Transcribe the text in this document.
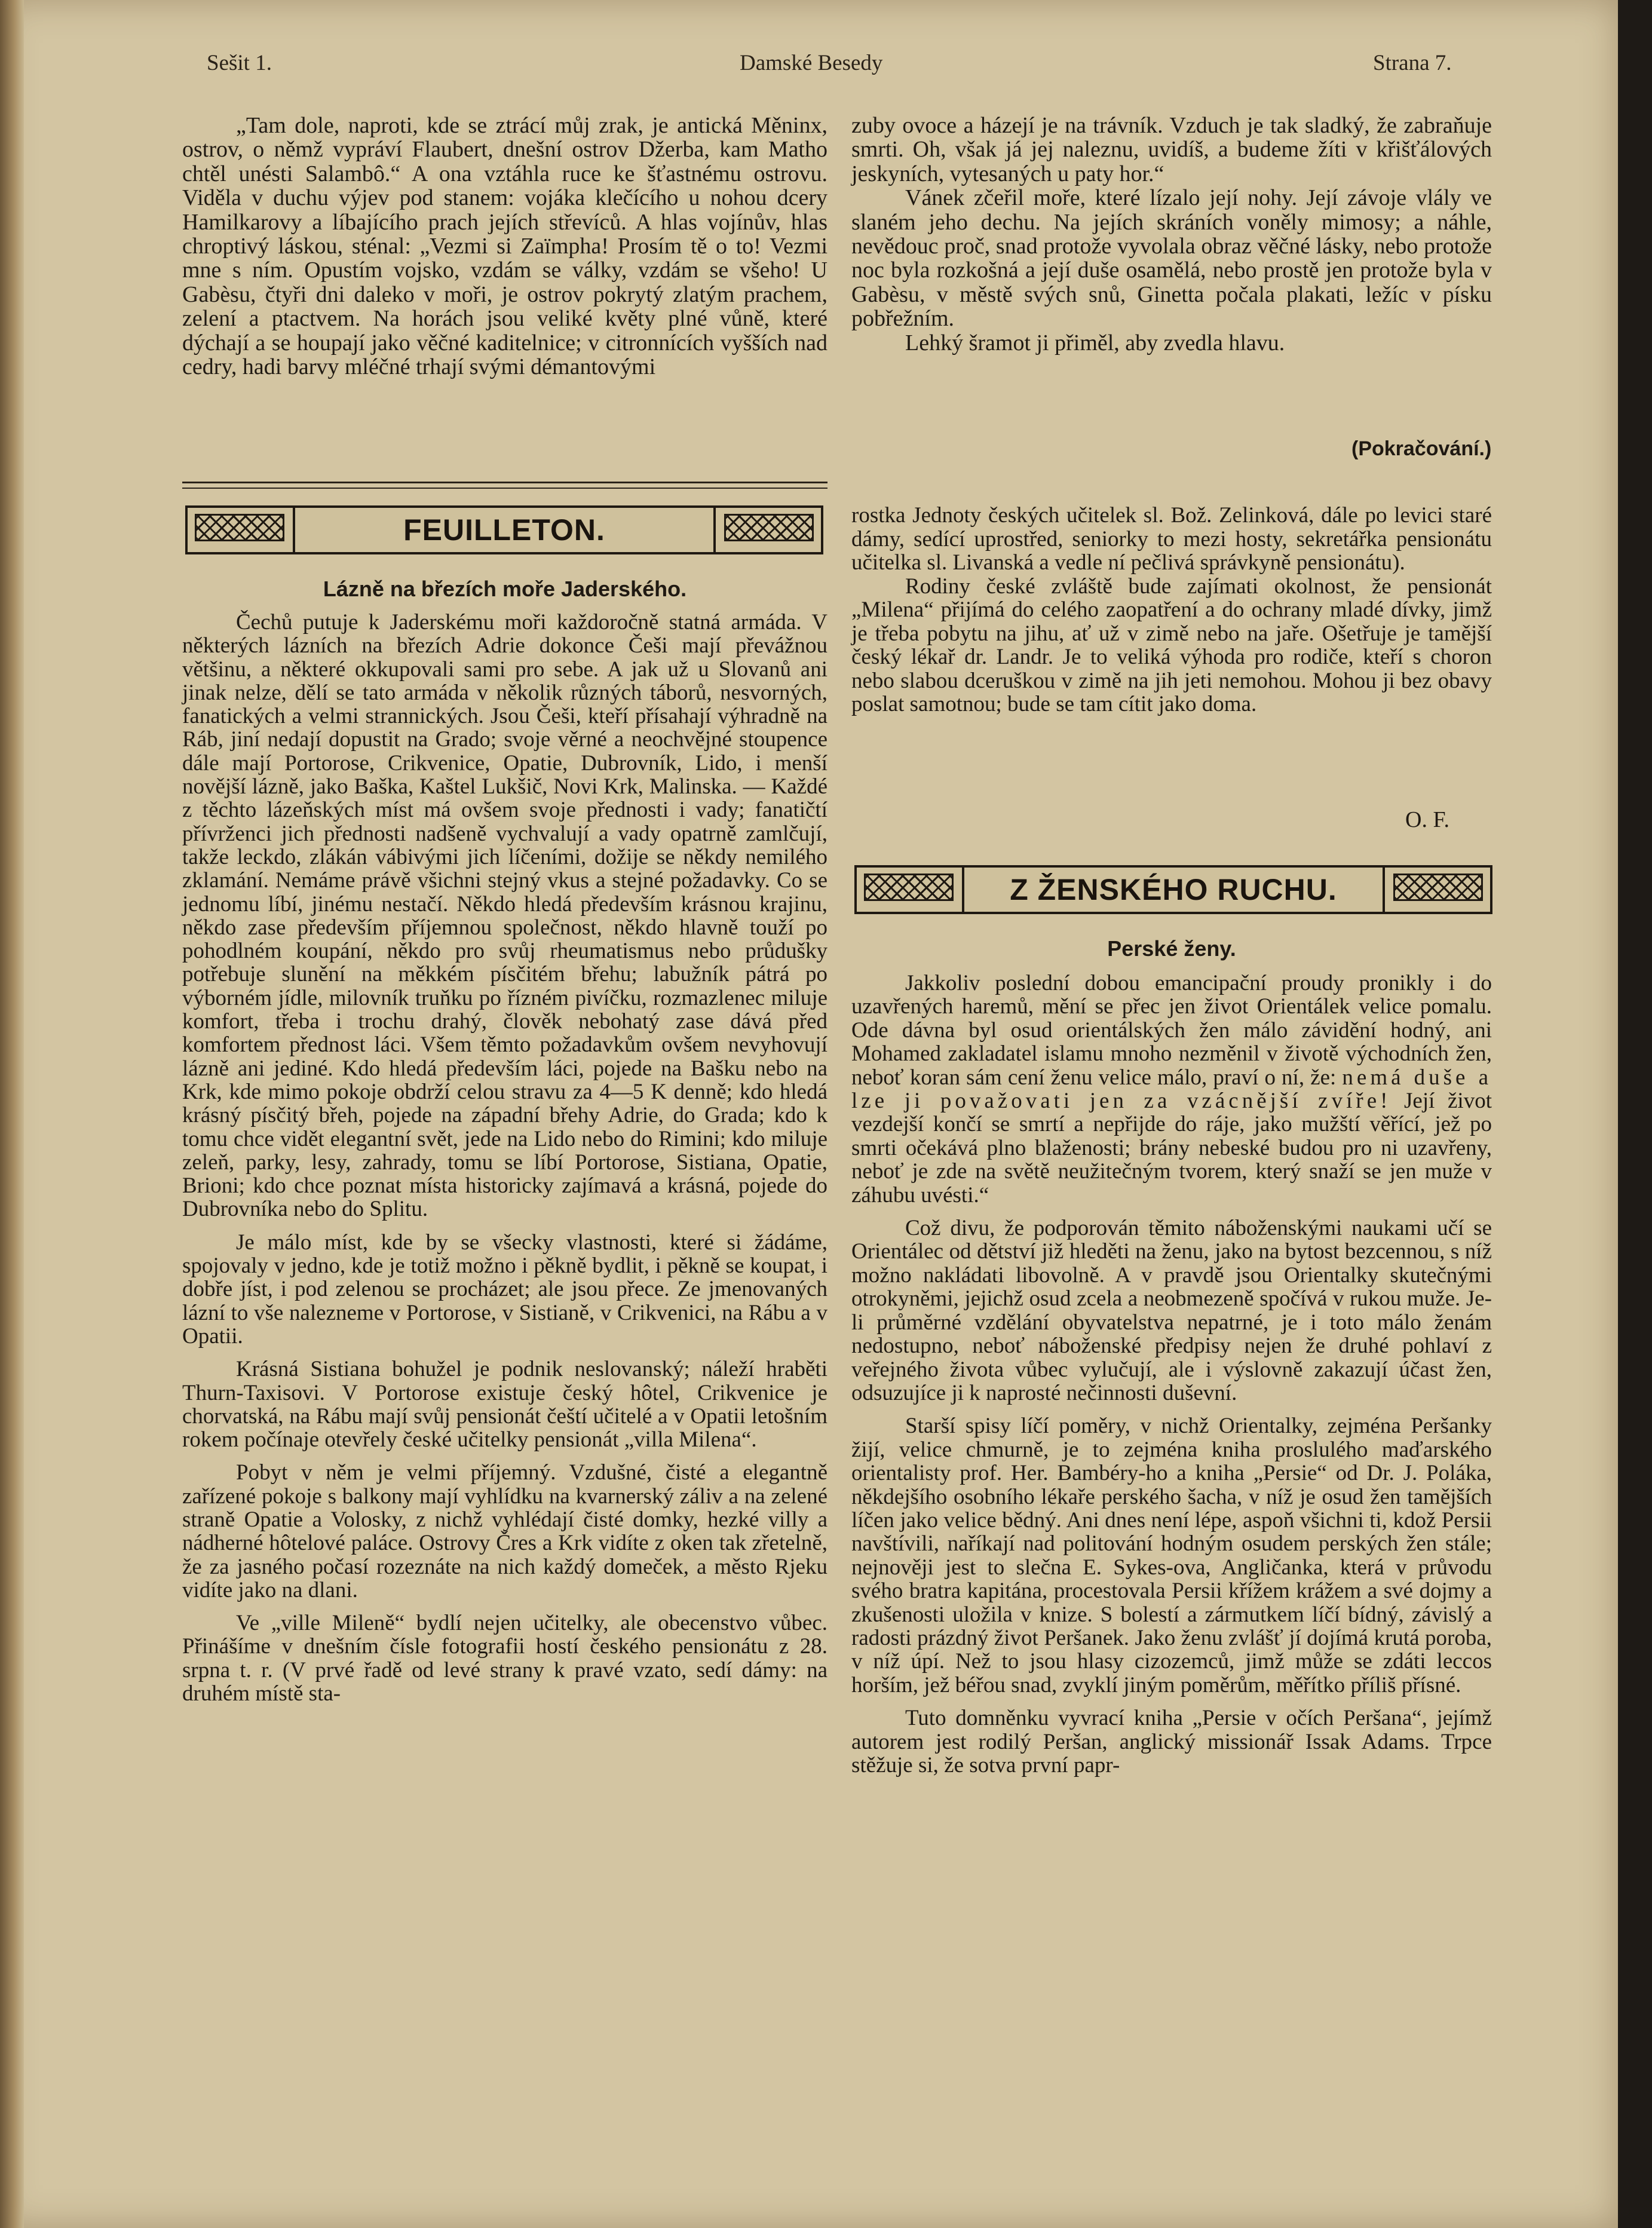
Sešit 1.	Damské Besedy	Strana 7.

„Tam dole, naproti, kde se ztrácí můj zrak, je antická Měninx, ostrov, o němž vypráví Flaubert, dnešní ostrov Džerba, kam Matho chtěl unésti Salambô.“ A ona vztáhla ruce ke šťastnému ostrovu. Viděla v duchu výjev pod stanem: vojáka klečícího u nohou dcery Hamilkarovy a líbajícího prach jejích střevíců. A hlas vojínův, hlas chroptivý láskou, sténal: „Vezmi si Zaïmpha! Prosím tě o to! Vezmi mne s ním. Opustím vojsko, vzdám se války, vzdám se všeho! U Gabèsu, čtyři dni daleko v moři, je ostrov pokrytý zlatým prachem, zelení a ptactvem. Na horách jsou veliké květy plné vůně, které dýchají a se houpají jako věčné kaditelnice; v citronnících vyšších nad cedry, hadi barvy mléčné trhají svými démantovými

zuby ovoce a házejí je na trávník. Vzduch je tak sladký, že zabraňuje smrti. Oh, však já jej naleznu, uvidíš, a budeme žíti v křišťálových jeskyních, vytesaných u paty hor.“

Vánek zčeřil moře, které lízalo její nohy. Její závoje vlály ve slaném jeho dechu. Na jejích skráních voněly mimosy; a náhle, nevědouc proč, snad protože vyvolala obraz věčné lásky, nebo protože noc byla rozkošná a její duše osamělá, nebo prostě jen protože byla v Gabèsu, v městě svých snů, Ginetta počala plakati, ležíc v písku pobřežním.

Lehký šramot ji přiměl, aby zvedla hlavu.

(Pokračování.)
FEUILLETON.
Lázně na březích moře Jaderského.

Čechů putuje k Jaderskému moři každoročně statná armáda. V některých lázních na březích Adrie dokonce Češi mají převážnou většinu, a některé okkupovali sami pro sebe. A jak už u Slovanů ani jinak nelze, dělí se tato armáda v několik různých táborů, nesvorných, fanatických a velmi strannických. Jsou Češi, kteří přísahají výhradně na Ráb, jiní nedají dopustit na Grado; svoje věrné a neochvějné stoupence dále mají Portorose, Crikvenice, Opatie, Dubrovník, Lido, i menší novější lázně, jako Baška, Kaštel Lukšič, Novi Krk, Malinska. — Každé z těchto lázeňských míst má ovšem svoje přednosti i vady; fanatičtí přívrženci jich přednosti nadšeně vychvalují a vady opatrně zamlčují, takže leckdo, zlákán vábivými jich líčeními, dožije se někdy nemilého zklamání. Nemáme právě všichni stejný vkus a stejné požadavky. Co se jednomu líbí, jinému nestačí. Někdo hledá především krásnou krajinu, někdo zase především příjemnou společnost, někdo hlavně touží po pohodlném koupání, někdo pro svůj rheumatismus nebo průdušky potřebuje slunění na měkkém písčitém břehu; labužník pátrá po výborném jídle, milovník truňku po řízném pivíčku, rozmazlenec miluje komfort, třeba i trochu drahý, člověk nebohatý zase dává před komfortem přednost láci. Všem těmto požadavkům ovšem nevyhovují lázně ani jediné. Kdo hledá především láci, pojede na Bašku nebo na Krk, kde mimo pokoje obdrží celou stravu za 4—5 K denně; kdo hledá krásný písčitý břeh, pojede na západní břehy Adrie, do Grada; kdo k tomu chce vidět elegantní svět, jede na Lido nebo do Rimini; kdo miluje zeleň, parky, lesy, zahrady, tomu se líbí Portorose, Sistiana, Opatie, Brioni; kdo chce poznat místa historicky zajímavá a krásná, pojede do Dubrovníka nebo do Splitu.

Je málo míst, kde by se všecky vlastnosti, které si žádáme, spojovaly v jedno, kde je totiž možno i pěkně bydlit, i pěkně se koupat, i dobře jíst, i pod zelenou se procházet; ale jsou přece. Ze jmenovaných lázní to vše nalezneme v Portorose, v Sistianě, v Crikvenici, na Rábu a v Opatii.

Krásná Sistiana bohužel je podnik neslovanský; náleží hraběti Thurn-Taxisovi. V Portorose existuje český hôtel, Crikvenice je chorvatská, na Rábu mají svůj pensionát čeští učitelé a v Opatii letošním rokem počínaje otevřely české učitelky pensionát „villa Milena“.

Pobyt v něm je velmi příjemný. Vzdušné, čisté a elegantně zařízené pokoje s balkony mají vyhlídku na kvarnerský záliv a na zelené straně Opatie a Volosky, z nichž vyhlédají čisté domky, hezké villy a nádherné hôtelové paláce. Ostrovy Čres a Krk vidíte z oken tak zřetelně, že za jasného počasí rozeznáte na nich každý domeček, a město Rjeku vidíte jako na dlani.

Ve „ville Mileně“ bydlí nejen učitelky, ale obecenstvo vůbec. Přinášíme v dnešním čísle fotografii hostí českého pensionátu z 28. srpna t. r. (V prvé řadě od levé strany k pravé vzato, sedí dámy: na druhém místě sta-

rostka Jednoty českých učitelek sl. Bož. Zelinková, dále po levici staré dámy, sedící uprostřed, seniorky to mezi hosty, sekretářka pensionátu učitelka sl. Livanská a vedle ní pečlivá správkyně pensionátu).

Rodiny české zvláště bude zajímati okolnost, že pensionát „Milena“ přijímá do celého zaopatření a do ochrany mladé dívky, jimž je třeba pobytu na jihu, ať už v zimě nebo na jaře. Ošetřuje je tamější český lékař dr. Landr. Je to veliká výhoda pro rodiče, kteří s choron nebo slabou dceruškou v zimě na jih jeti nemohou. Mohou ji bez obavy poslat samotnou; bude se tam cítit jako doma.

O. F.
Z ŽENSKÉHO RUCHU.
Perské ženy.

Jakkoliv poslední dobou emancipační proudy pronikly i do uzavřených haremů, mění se přec jen život Orientálek velice pomalu. Ode dávna byl osud orientálských žen málo závidění hodný, ani Mohamed zakladatel islamu mnoho nezměnil v životě východních žen, neboť koran sám cení ženu velice málo, praví o ní, že: nemá duše a lze ji považovati jen za vzácnější zvíře! Její život vezdejší končí se smrtí a nepřijde do ráje, jako mužští věřící, jež po smrti očekává plno blaženosti; brány nebeské budou pro ni uzavřeny, neboť je zde na světě neužitečným tvorem, který snaží se jen muže v záhubu uvésti.“

Což divu, že podporován těmito náboženskými naukami učí se Orientálec od dětství již hleděti na ženu, jako na bytost bezcennou, s níž možno nakládati libovolně. A v pravdě jsou Orientalky skutečnými otrokyněmi, jejichž osud zcela a neobmezeně spočívá v rukou muže. Je-li průměrné vzdělání obyvatelstva nepatrné, je i toto málo ženám nedostupno, neboť náboženské předpisy nejen že druhé pohlaví z veřejného života vůbec vylučují, ale i výslovně zakazují účast žen, odsuzujíce ji k naprosté nečinnosti duševní.

Starší spisy líčí poměry, v nichž Orientalky, zejména Peršanky žijí, velice chmurně, je to zejména kniha proslulého maďarského orientalisty prof. Her. Bambéry-ho a kniha „Persie“ od Dr. J. Poláka, někdejšího osobního lékaře perského šacha, v níž je osud žen tamějších líčen jako velice bědný. Ani dnes není lépe, aspoň všichni ti, kdož Persii navštívili, naříkají nad politování hodným osudem perských žen stále; nejnověji jest to slečna E. Sykes-ova, Angličanka, která v průvodu svého bratra kapitána, procestovala Persii křížem krážem a své dojmy a zkušenosti uložila v knize. S bolestí a zármutkem líčí bídný, závislý a radosti prázdný život Peršanek. Jako ženu zvlášť jí dojímá krutá poroba, v níž úpí. Než to jsou hlasy cizozemců, jimž může se zdáti leccos horším, jež béřou snad, zvyklí jiným poměrům, měřítko příliš přísné.

Tuto domněnku vyvrací kniha „Persie v očích Peršana“, jejímž autorem jest rodilý Peršan, anglický missionář Issak Adams. Trpce stěžuje si, že sotva první papr-
